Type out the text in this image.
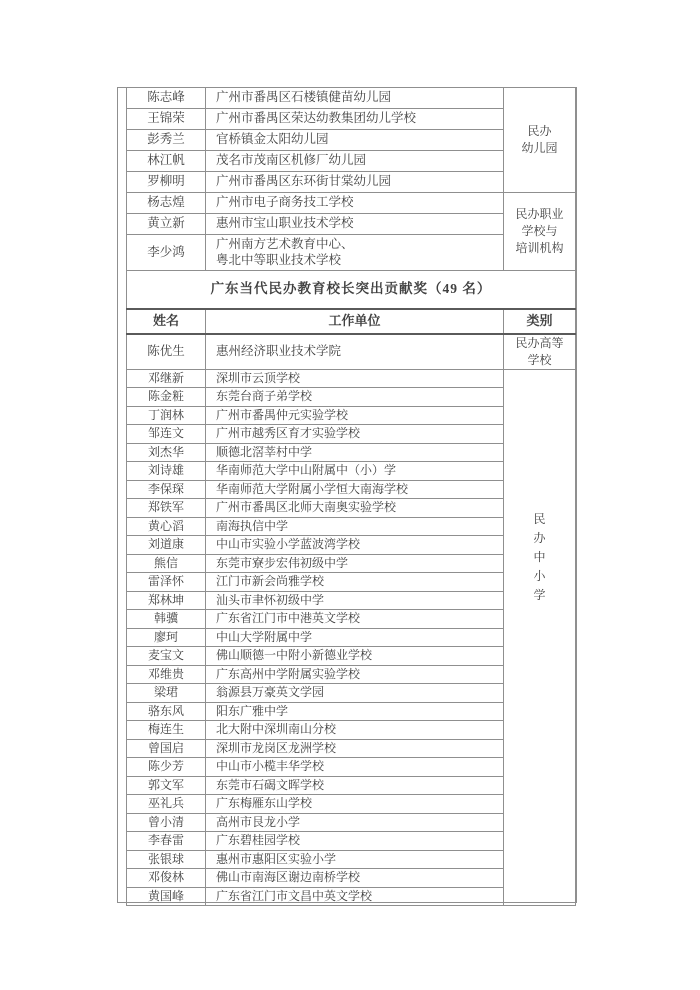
陈志峰	广州市番禺区石楼镇健苗幼儿园	民办
幼儿园

王锦荣	广州市番禺区荣达幼教集团幼儿学校	

彭秀兰	官桥镇金太阳幼儿园	

林江帆	茂名市茂南区机修厂幼儿园	

罗柳明	广州市番禺区东环街甘棠幼儿园	

杨志煌	广州市电子商务技工学校	民办职业
学校与
培训机构

黄立新	惠州市宝山职业技术学校	

李少鸿	广州南方艺术教育中心、
粤北中等职业技术学校	

广东当代民办教育校长突出贡献奖（49 名）		
姓名	工作单位	类别
陈优生	惠州经济职业技术学院	民办高等
学校

邓继新	深圳市云顶学校	民
办
中
小
学

陈金粧	东莞台商子弟学校	

丁润林	广州市番禺仲元实验学校	

邹连文	广州市越秀区育才实验学校	

刘杰华	顺德北滘莘村中学	

刘诗雄	华南师范大学中山附属中（小）学	

李保琛	华南师范大学附属小学恒大南海学校	

郑铁军	广州市番禺区北师大南奥实验学校	

黄心滔	南海执信中学	

刘道康	中山市实验小学蓝波湾学校	

熊信	东莞市寮步宏伟初级中学	

雷泽怀	江门市新会尚雅学校	

郑林坤	汕头市聿怀初级中学	

韩骥	广东省江门市中港英文学校	

廖珂	中山大学附属中学	

麦宝文	佛山顺德一中附小新德业学校	

邓维贵	广东高州中学附属实验学校	

梁珺	翁源县万豪英文学园	

骆东风	阳东广雅中学	

梅连生	北大附中深圳南山分校	

曾国启	深圳市龙岗区龙洲学校	

陈少芳	中山市小榄丰华学校	

郭文军	东莞市石碣文晖学校	

巫礼兵	广东梅雁东山学校	

曾小清	高州市艮龙小学	

李春雷	广东碧桂园学校	

张银球	惠州市惠阳区实验小学	

邓俊林	佛山市南海区谢边南桥学校	

黄国峰	广东省江门市文昌中英文学校	
